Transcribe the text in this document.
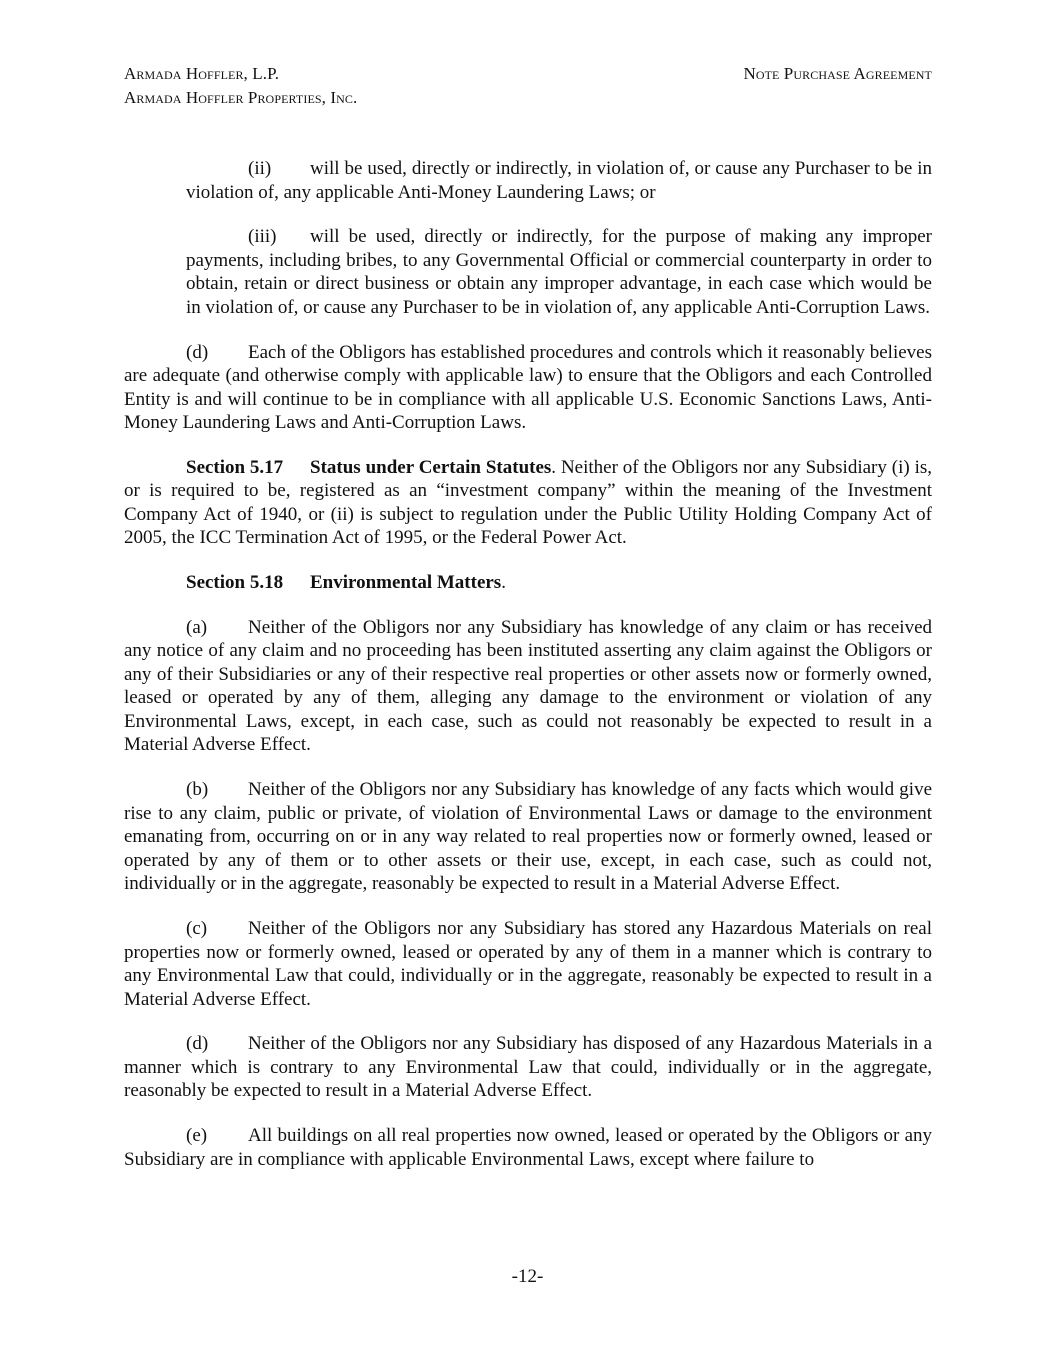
Armada Hoffler, L.P.
Armada Hoffler Properties, Inc.
Note Purchase Agreement

(ii) will be used, directly or indirectly, in violation of, or cause any Purchaser to be in violation of, any applicable Anti-Money Laundering Laws; or

(iii) will be used, directly or indirectly, for the purpose of making any improper payments, including bribes, to any Governmental Official or commercial counterparty in order to obtain, retain or direct business or obtain any improper advantage, in each case which would be in violation of, or cause any Purchaser to be in violation of, any applicable Anti-Corruption Laws.

(d) Each of the Obligors has established procedures and controls which it reasonably believes are adequate (and otherwise comply with applicable law) to ensure that the Obligors and each Controlled Entity is and will continue to be in compliance with all applicable U.S. Economic Sanctions Laws, Anti-Money Laundering Laws and Anti-Corruption Laws.

Section 5.17 Status under Certain Statutes. Neither of the Obligors nor any Subsidiary (i) is, or is required to be, registered as an “investment company” within the meaning of the Investment Company Act of 1940, or (ii) is subject to regulation under the Public Utility Holding Company Act of 2005, the ICC Termination Act of 1995, or the Federal Power Act.

Section 5.18 Environmental Matters.

(a) Neither of the Obligors nor any Subsidiary has knowledge of any claim or has received any notice of any claim and no proceeding has been instituted asserting any claim against the Obligors or any of their Subsidiaries or any of their respective real properties or other assets now or formerly owned, leased or operated by any of them, alleging any damage to the environment or violation of any Environmental Laws, except, in each case, such as could not reasonably be expected to result in a Material Adverse Effect.

(b) Neither of the Obligors nor any Subsidiary has knowledge of any facts which would give rise to any claim, public or private, of violation of Environmental Laws or damage to the environment emanating from, occurring on or in any way related to real properties now or formerly owned, leased or operated by any of them or to other assets or their use, except, in each case, such as could not, individually or in the aggregate, reasonably be expected to result in a Material Adverse Effect.

(c) Neither of the Obligors nor any Subsidiary has stored any Hazardous Materials on real properties now or formerly owned, leased or operated by any of them in a manner which is contrary to any Environmental Law that could, individually or in the aggregate, reasonably be expected to result in a Material Adverse Effect.

(d) Neither of the Obligors nor any Subsidiary has disposed of any Hazardous Materials in a manner which is contrary to any Environmental Law that could, individually or in the aggregate, reasonably be expected to result in a Material Adverse Effect.

(e) All buildings on all real properties now owned, leased or operated by the Obligors or any Subsidiary are in compliance with applicable Environmental Laws, except where failure to

-12-
